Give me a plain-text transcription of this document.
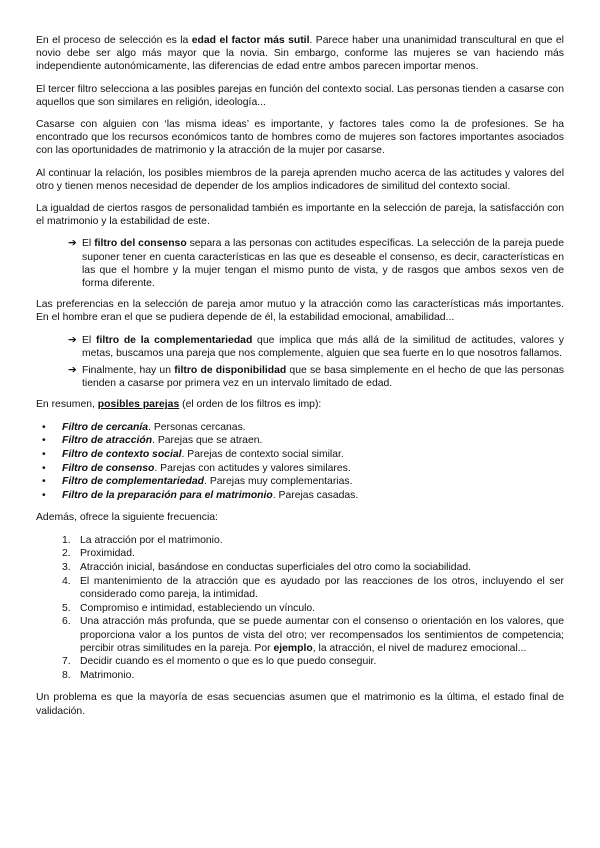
En el proceso de selección es la edad el factor más sutil. Parece haber una unanimidad transcultural en que el novio debe ser algo más mayor que la novia. Sin embargo, conforme las mujeres se van haciendo más independiente autonómicamente, las diferencias de edad entre ambos parecen importar menos.

El tercer filtro selecciona a las posibles parejas en función del contexto social. Las personas tienden a casarse con aquellos que son similares en religión, ideología...

Casarse con alguien con ‘las misma ideas’ es importante, y factores tales como la de profesiones. Se ha encontrado que los recursos económicos tanto de hombres como de mujeres son factores importantes asociados con las oportunidades de matrimonio y la atracción de la mujer por casarse.

Al continuar la relación, los posibles miembros de la pareja aprenden mucho acerca de las actitudes y valores del otro y tienen menos necesidad de depender de los amplios indicadores de similitud del contexto social.

La igualdad de ciertos rasgos de personalidad también es importante en la selección de pareja, la satisfacción con el matrimonio y la estabilidad de este.

➔ El filtro del consenso separa a las personas con actitudes específicas. La selección de la pareja puede suponer tener en cuenta características en las que es deseable el consenso, es decir, características en las que el hombre y la mujer tengan el mismo punto de vista, y de rasgos que ambos sexos ven de forma diferente.

Las preferencias en la selección de pareja amor mutuo y la atracción como las características más importantes. En el hombre eran el que se pudiera depende de él, la estabilidad emocional, amabilidad...

➔ El filtro de la complementariedad que implica que más allá de la similitud de actitudes, valores y metas, buscamos una pareja que nos complemente, alguien que sea fuerte en lo que nosotros fallamos.
➔ Finalmente, hay un filtro de disponibilidad que se basa simplemente en el hecho de que las personas tienden a casarse por primera vez en un intervalo limitado de edad.

En resumen, posibles parejas (el orden de los filtros es imp):

• Filtro de cercanía. Personas cercanas.
• Filtro de atracción. Parejas que se atraen.
• Filtro de contexto social. Parejas de contexto social similar.
• Filtro de consenso. Parejas con actitudes y valores similares.
• Filtro de complementariedad. Parejas muy complementarias.
• Filtro de la preparación para el matrimonio. Parejas casadas.

Además, ofrece la siguiente frecuencia:

1. La atracción por el matrimonio.
2. Proximidad.
3. Atracción inicial, basándose en conductas superficiales del otro como la sociabilidad.
4. El mantenimiento de la atracción que es ayudado por las reacciones de los otros, incluyendo el ser considerado como pareja, la intimidad.
5. Compromiso e intimidad, estableciendo un vínculo.
6. Una atracción más profunda, que se puede aumentar con el consenso o orientación en los valores, que proporciona valor a los puntos de vista del otro; ver recompensados los sentimientos de competencia; percibir otras similitudes en la pareja. Por ejemplo, la atracción, el nivel de madurez emocional...
7. Decidir cuando es el momento o que es lo que puedo conseguir.
8. Matrimonio.

Un problema es que la mayoría de esas secuencias asumen que el matrimonio es la última, el estado final de validación.
